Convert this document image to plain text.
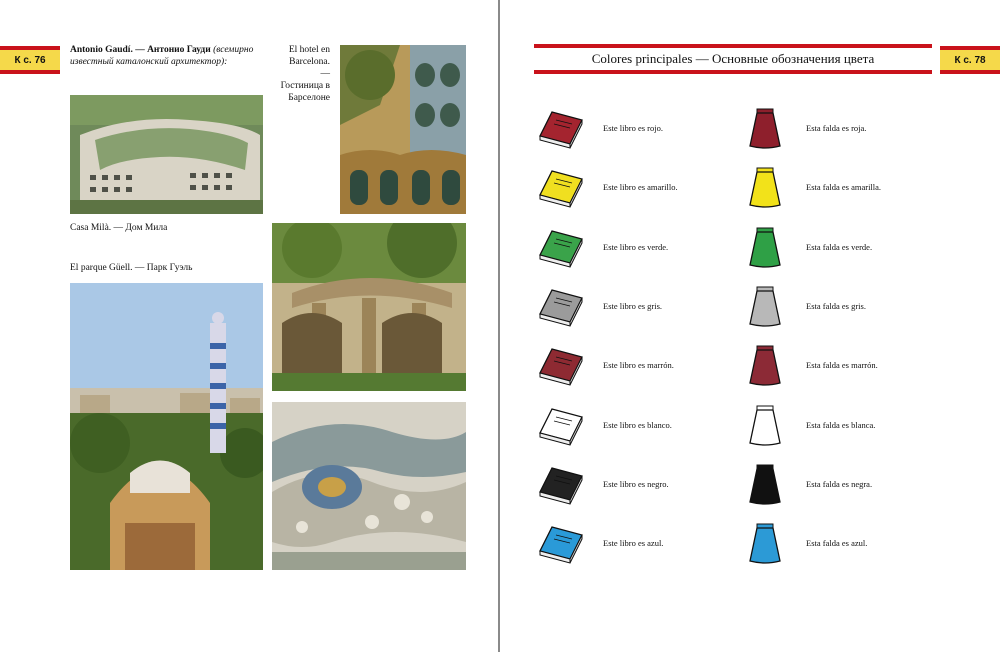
К с. 76
Antonio Gaudí. — Антонио Гауди (всемирно известный каталонский архитектор):
El hotel en Barcelona. — Гостиница в Барселоне
Casa Milà. — Дом Мила
El parque Güell. — Парк Гуэль
Colores principales — Основные обозначения цвета	К с. 78
Este libro es rojo.
Este libro es amarillo.
Este libro es verde.
Este libro es gris.
Este libro es marrón.
Este libro es blanco.
Este libro es negro.
Este libro es azul.
Esta falda es roja.
Esta falda es amarilla.
Esta falda es verde.
Esta falda es gris.
Esta falda es marrón.
Esta falda es blanca.
Esta falda es negra.
Esta falda es azul.
